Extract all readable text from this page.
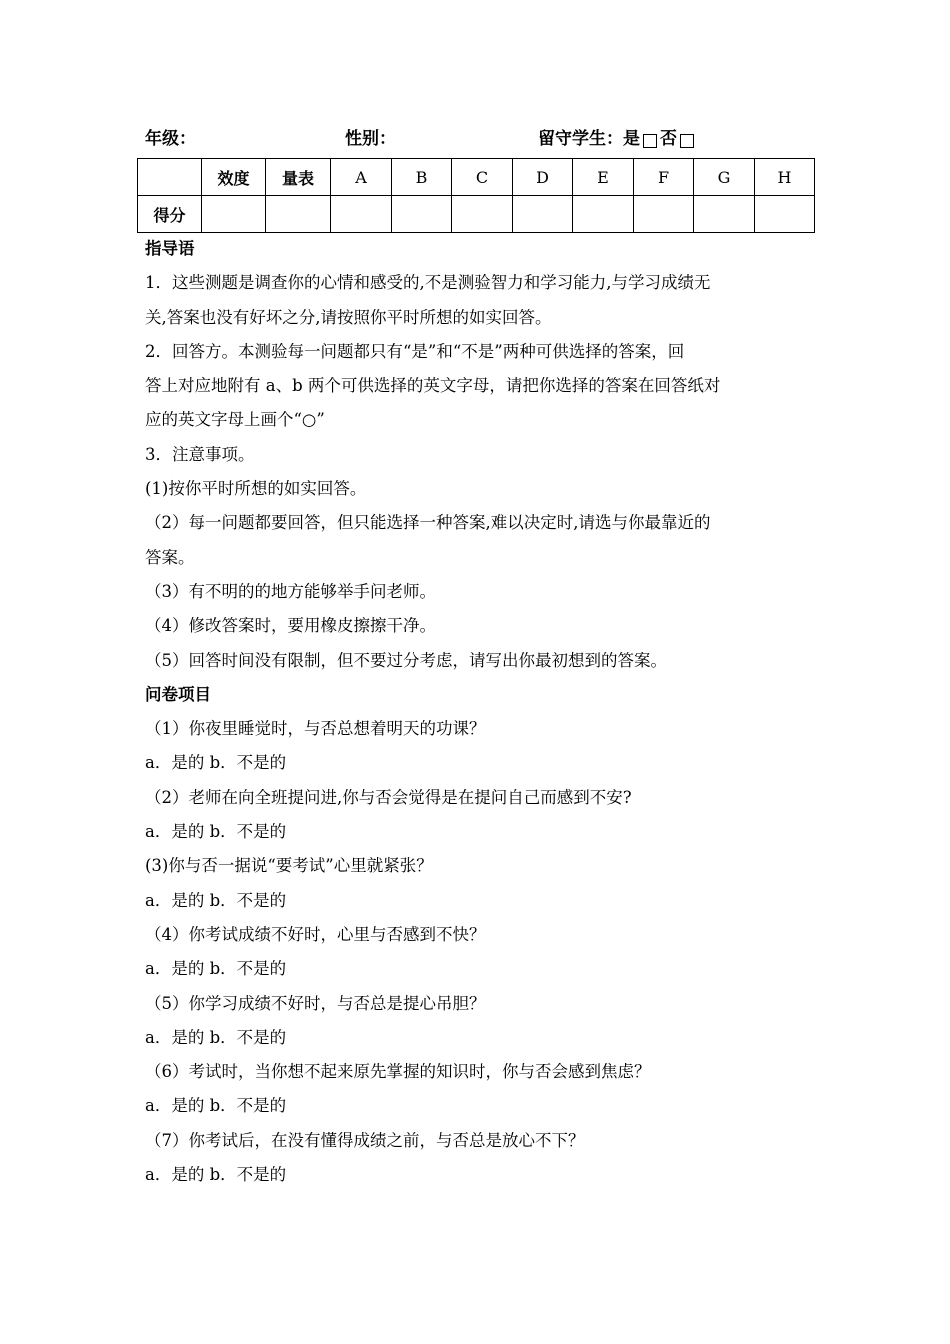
年级：	性别：	留守学生：是 否
	效度	量表	A	B	C	D	E	F	G	H
得分										
指导语
1．这些测题是调查你的心情和感受的,不是测验智力和学习能力,与学习成绩无
关,答案也没有好坏之分,请按照你平时所想的如实回答。
2．回答方。本测验每一问题都只有“是”和“不是”两种可供选择的答案，回
答上对应地附有 a、b 两个可供选择的英文字母，请把你选择的答案在回答纸对
应的英文字母上画个“○”
3．注意事项。
(1)按你平时所想的如实回答。
（2）每一问题都要回答，但只能选择一种答案,难以决定时,请选与你最靠近的
答案。
（3）有不明的的地方能够举手问老师。
（4）修改答案时，要用橡皮擦擦干净。
（5）回答时间没有限制，但不要过分考虑，请写出你最初想到的答案。
问卷项目
（1）你夜里睡觉时，与否总想着明天的功课？
a．是的 b．不是的
（2）老师在向全班提问进,你与否会觉得是在提问自己而感到不安?
a．是的 b．不是的
(3)你与否一据说“要考试”心里就紧张？
a．是的 b．不是的
（4）你考试成绩不好时，心里与否感到不快？
a．是的 b．不是的
（5）你学习成绩不好时，与否总是提心吊胆？
a．是的 b．不是的
（6）考试时，当你想不起来原先掌握的知识时，你与否会感到焦虑？
a．是的 b．不是的
（7）你考试后，在没有懂得成绩之前，与否总是放心不下？
a．是的 b．不是的
